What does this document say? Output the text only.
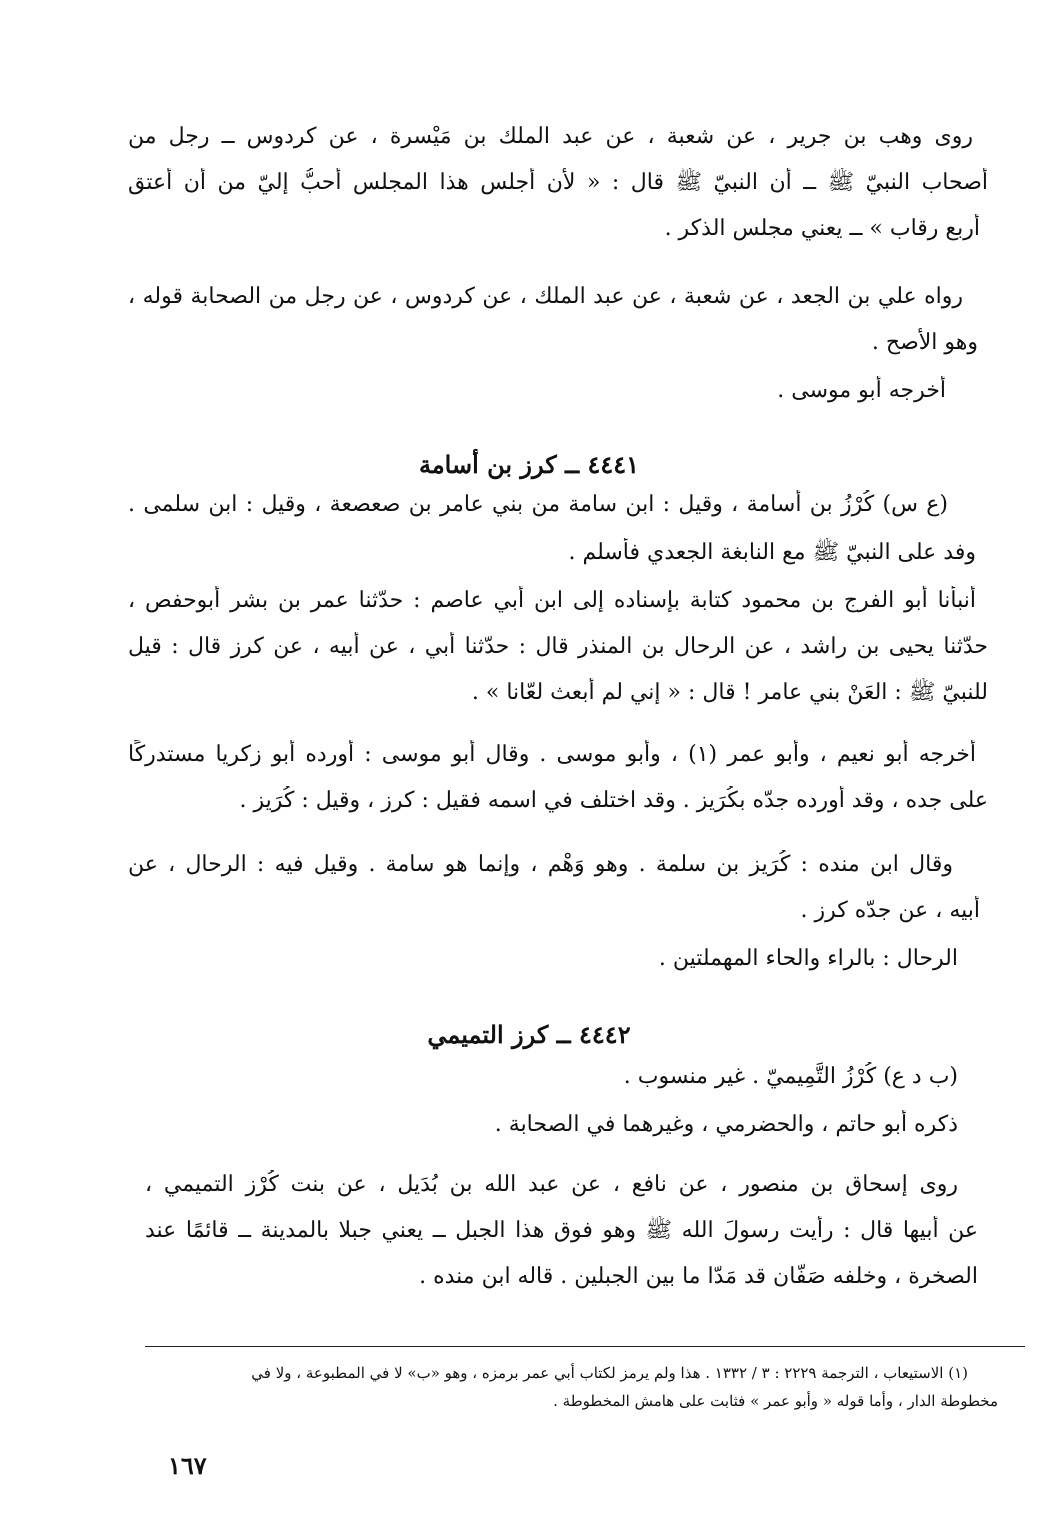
روى وهب بن جرير ، عن شعبة ، عن عبد الملك بن مَيْسرة ، عن كردوس ــ رجل من
أصحاب النبيّ ﷺ ــ أن النبيّ ﷺ قال : « لأن أجلس هذا المجلس أحبُّ إليّ من أن أعتق
أربع رقاب » ــ يعني مجلس الذكر .
رواه علي بن الجعد ، عن شعبة ، عن عبد الملك ، عن كردوس ، عن رجل من الصحابة قوله ،
وهو الأصح .
أخرجه أبو موسى .
٤٤٤١ ــ كرز بن أسامة
(ع س) كُرْزُ بن أسامة ، وقيل : ابن سامة من بني عامر بن صعصعة ، وقيل : ابن سلمى .
وفد على النبيّ ﷺ مع النابغة الجعدي فأسلم .
أنبأنا أبو الفرج بن محمود كتابة بإسناده إلى ابن أبي عاصم : حدّثنا عمر بن بشر أبوحفص ،
حدّثنا يحيى بن راشد ، عن الرحال بن المنذر قال : حدّثنا أبي ، عن أبيه ، عن كرز قال : قيل
للنبيّ ﷺ : العَنْ بني عامر ! قال : « إني لم أبعث لعّانا » .
أخرجه أبو نعيم ، وأبو عمر (١) ، وأبو موسى . وقال أبو موسى : أورده أبو زكريا مستدركًا
على جده ، وقد أورده جدّه بكُرَيز . وقد اختلف في اسمه فقيل : كرز ، وقيل : كُرَيز .
وقال ابن منده : كُرَيز بن سلمة . وهو وَهْم ، وإنما هو سامة . وقيل فيه : الرحال ، عن
أبيه ، عن جدّه كرز .
الرحال : بالراء والحاء المهملتين .
٤٤٤٢ ــ كرز التميمي
(ب د ع) كُرْزُ التَّمِيميّ . غير منسوب .
ذكره أبو حاتم ، والحضرمي ، وغيرهما في الصحابة .
روى إسحاق بن منصور ، عن نافع ، عن عبد الله بن بُدَيل ، عن بنت كُرْز التميمي ،
عن أبيها قال : رأيت رسولَ الله ﷺ وهو فوق هذا الجبل ــ يعني جبلا بالمدينة ــ قائمًا عند
الصخرة ، وخلفه صَفّان قد مَدّا ما بين الجبلين . قاله ابن منده .
(١) الاستيعاب ، الترجمة ٢٢٢٩ : ٣ / ١٣٣٢ . هذا ولم يرمز لكتاب أبي عمر برمزه ، وهو «ب» لا في المطبوعة ، ولا في
مخطوطة الدار ، وأما قوله « وأبو عمر » فثابت على هامش المخطوطة .
١٦٧
